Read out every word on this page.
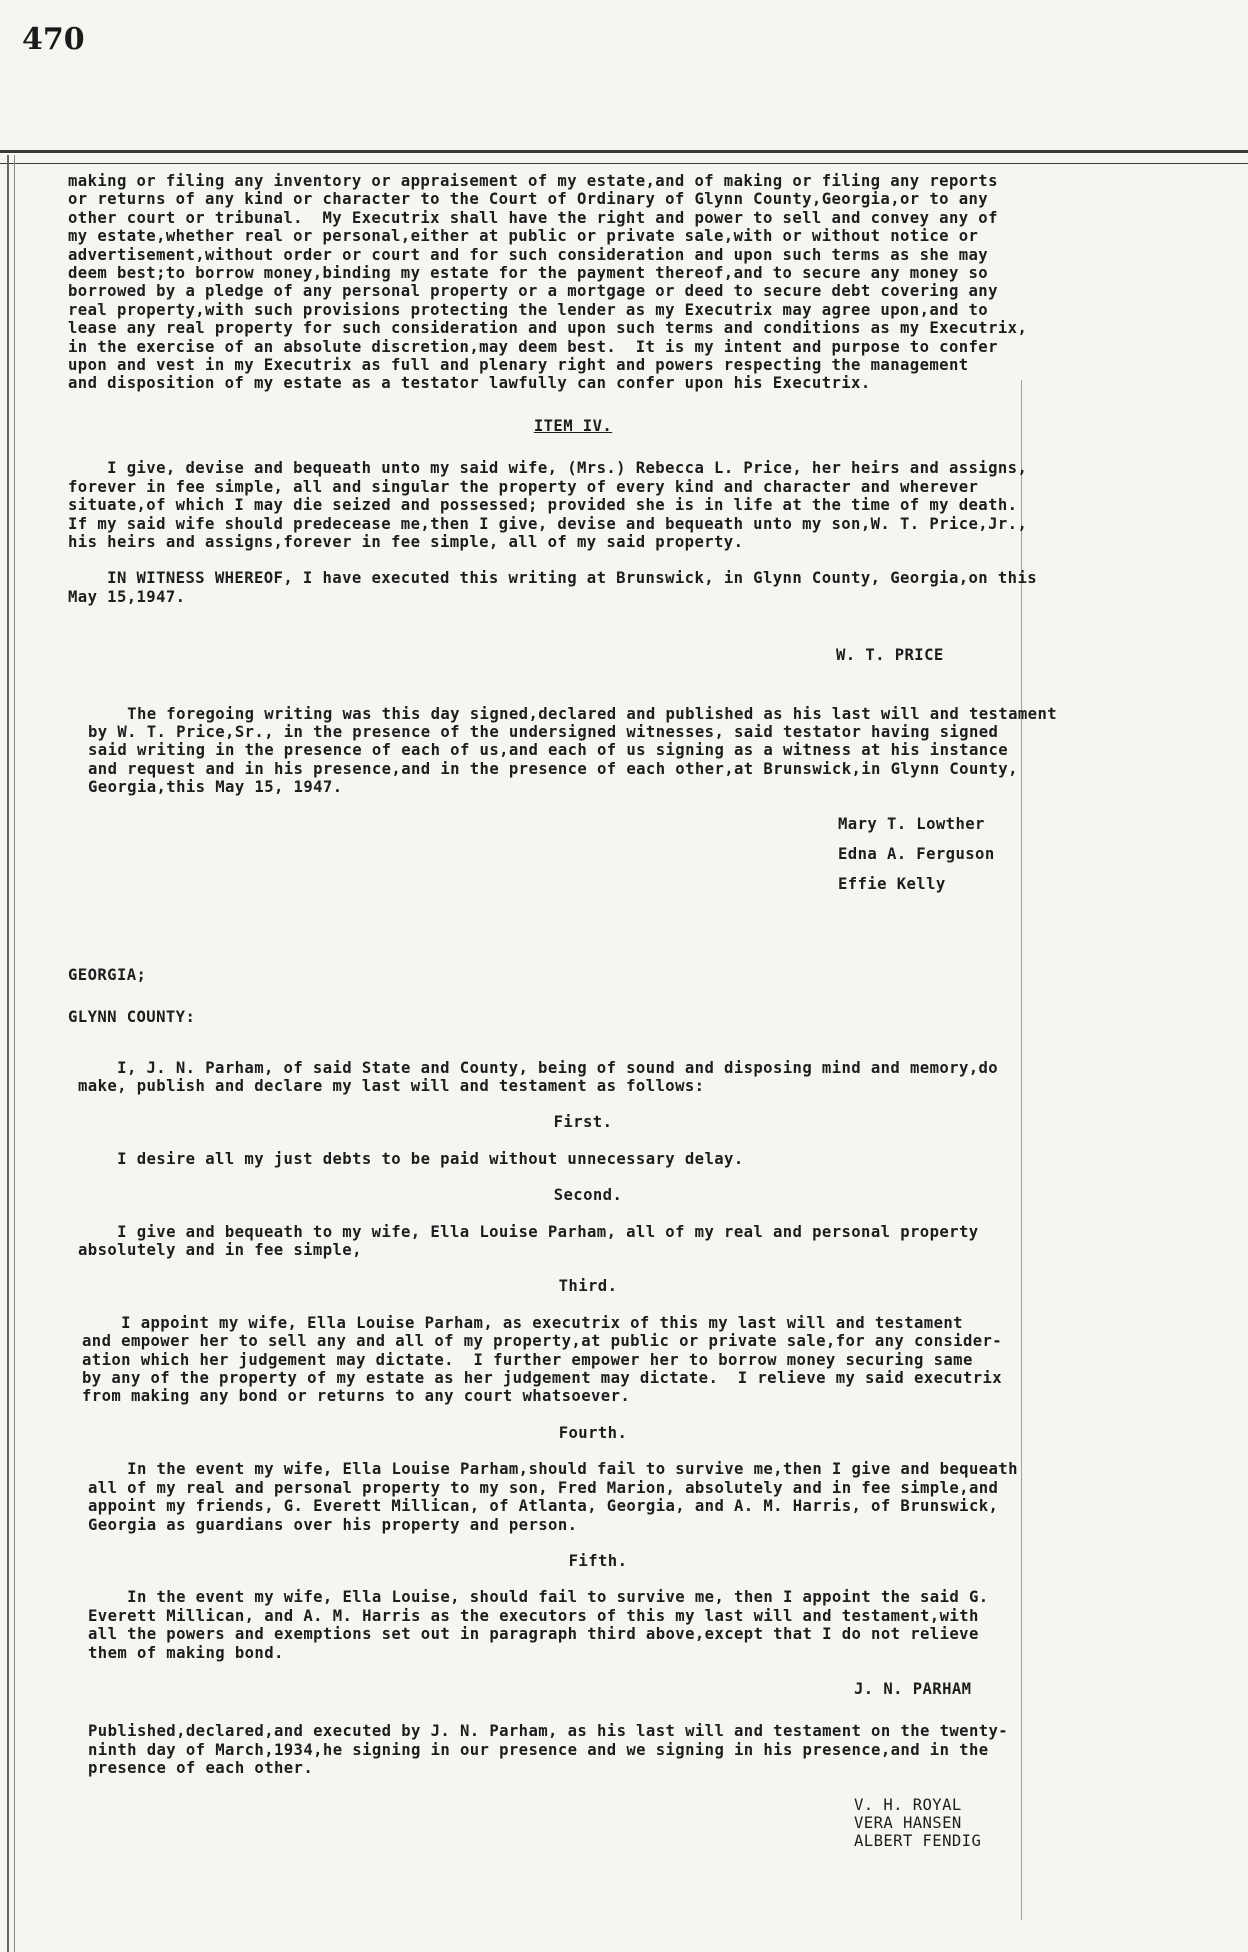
470

making or filing any inventory or appraisement of my estate,and of making or filing any reports

or returns of any kind or character to the Court of Ordinary of Glynn County,Georgia,or to any

other court or tribunal.  My Executrix shall have the right and power to sell and convey any of

my estate,whether real or personal,either at public or private sale,with or without notice or

advertisement,without order or court and for such consideration and upon such terms as she may

deem best;to borrow money,binding my estate for the payment thereof,and to secure any money so

borrowed by a pledge of any personal property or a mortgage or deed to secure debt covering any

real property,with such provisions protecting the lender as my Executrix may agree upon,and to

lease any real property for such consideration and upon such terms and conditions as my Executrix,

in the exercise of an absolute discretion,may deem best.  It is my intent and purpose to confer

upon and vest in my Executrix as full and plenary right and powers respecting the management

and disposition of my estate as a testator lawfully can confer upon his Executrix.

ITEM IV.

I give, devise and bequeath unto my said wife, (Mrs.) Rebecca L. Price, her heirs and assigns,

forever in fee simple, all and singular the property of every kind and character and wherever

situate,of which I may die seized and possessed; provided she is in life at the time of my death.

If my said wife should predecease me,then I give, devise and bequeath unto my son,W. T. Price,Jr.,

his heirs and assigns,forever in fee simple, all of my said property.

IN WITNESS WHEREOF, I have executed this writing at Brunswick, in Glynn County, Georgia,on this

May 15,1947.

W. T. PRICE

The foregoing writing was this day signed,declared and published as his last will and testament

by W. T. Price,Sr., in the presence of the undersigned witnesses, said testator having signed

said writing in the presence of each of us,and each of us signing as a witness at his instance

and request and in his presence,and in the presence of each other,at Brunswick,in Glynn County,

Georgia,this May 15, 1947.

Mary T. Lowther

Edna A. Ferguson

Effie Kelly

GEORGIA;

GLYNN COUNTY:

I, J. N. Parham, of said State and County, being of sound and disposing mind and memory,do

make, publish and declare my last will and testament as follows:

First.

I desire all my just debts to be paid without unnecessary delay.

Second.

I give and bequeath to my wife, Ella Louise Parham, all of my real and personal property

absolutely and in fee simple,

Third.

I appoint my wife, Ella Louise Parham, as executrix of this my last will and testament

and empower her to sell any and all of my property,at public or private sale,for any consider-

ation which her judgement may dictate.  I further empower her to borrow money securing same

by any of the property of my estate as her judgement may dictate.  I relieve my said executrix

from making any bond or returns to any court whatsoever.

Fourth.

In the event my wife, Ella Louise Parham,should fail to survive me,then I give and bequeath

all of my real and personal property to my son, Fred Marion, absolutely and in fee simple,and

appoint my friends, G. Everett Millican, of Atlanta, Georgia, and A. M. Harris, of Brunswick,

Georgia as guardians over his property and person.

Fifth.

In the event my wife, Ella Louise, should fail to survive me, then I appoint the said G.

Everett Millican, and A. M. Harris as the executors of this my last will and testament,with

all the powers and exemptions set out in paragraph third above,except that I do not relieve

them of making bond.

J. N. PARHAM

Published,declared,and executed by J. N. Parham, as his last will and testament on the twenty-

ninth day of March,1934,he signing in our presence and we signing in his presence,and in the

presence of each other.

V. H. ROYAL

VERA HANSEN

ALBERT FENDIG
